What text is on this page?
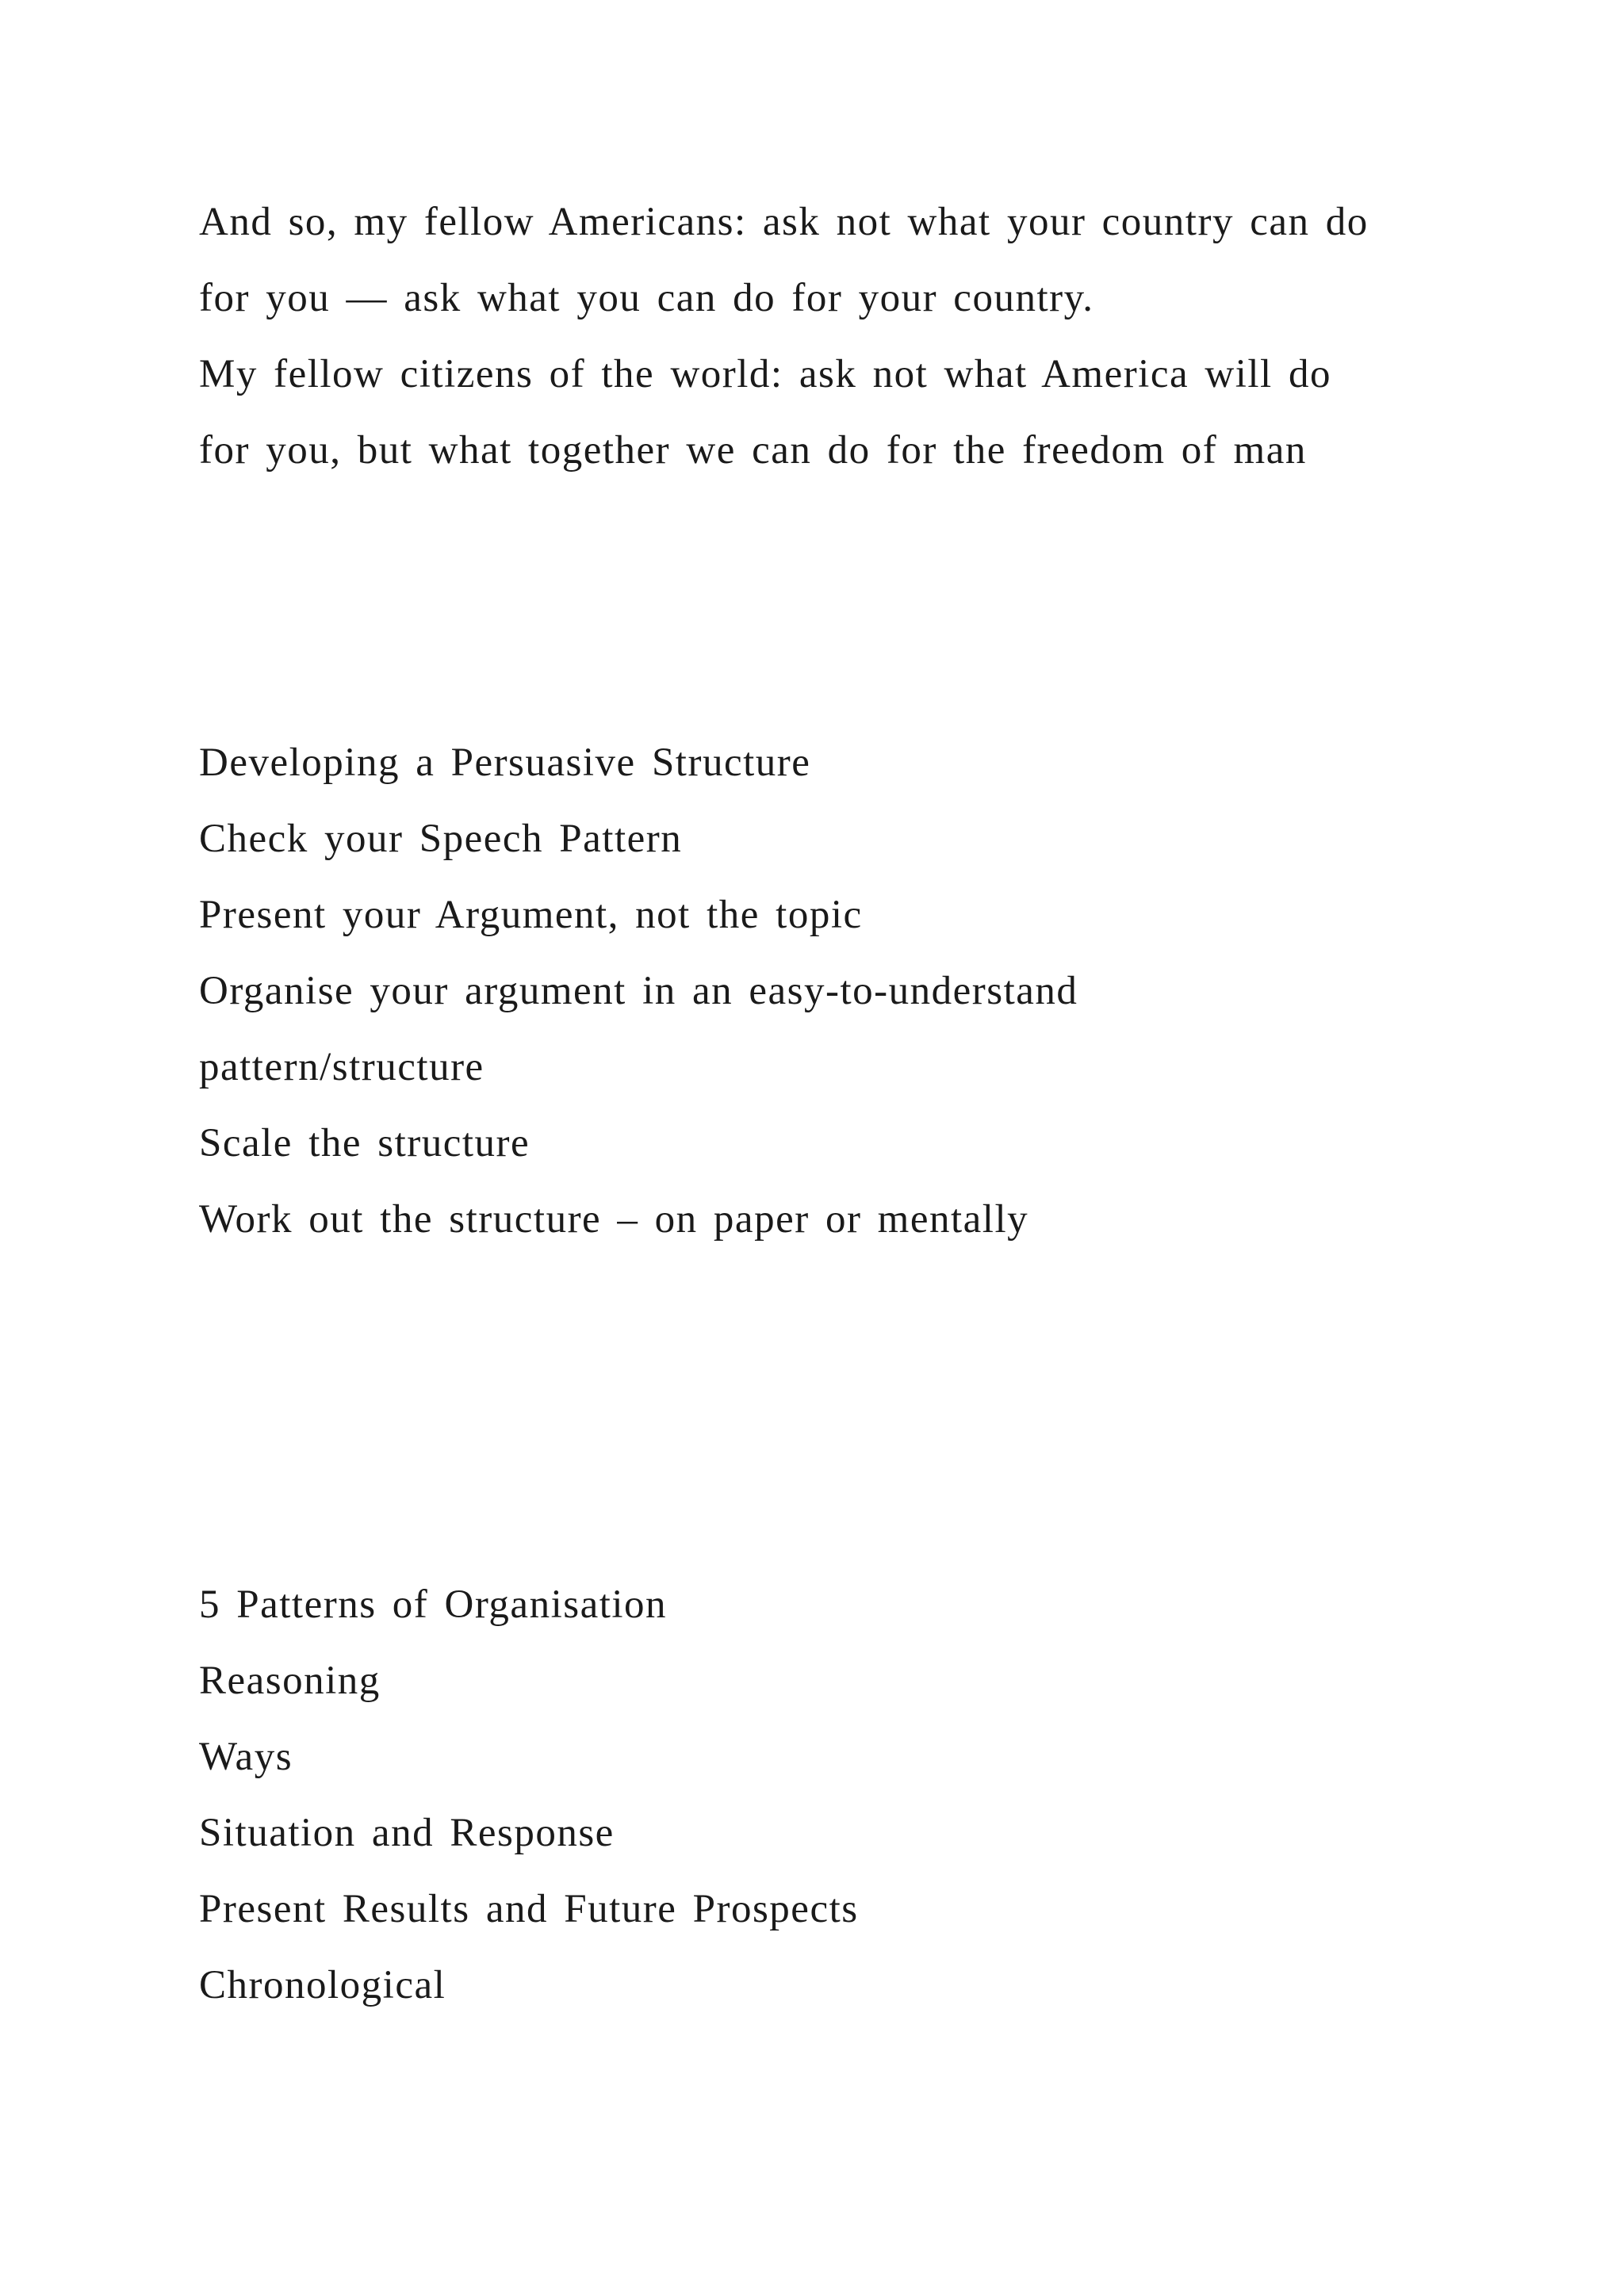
And so, my fellow Americans: ask not what your country can do
for you — ask what you can do for your country.
My fellow citizens of the world: ask not what America will do
for you, but what together we can do for the freedom of man
Developing a Persuasive Structure
Check your Speech Pattern
Present your Argument, not the topic
Organise your argument in an easy-to-understand
pattern/structure
Scale the structure
Work out the structure – on paper or mentally
5 Patterns of Organisation
Reasoning
Ways
Situation and Response
Present Results and Future Prospects
Chronological
